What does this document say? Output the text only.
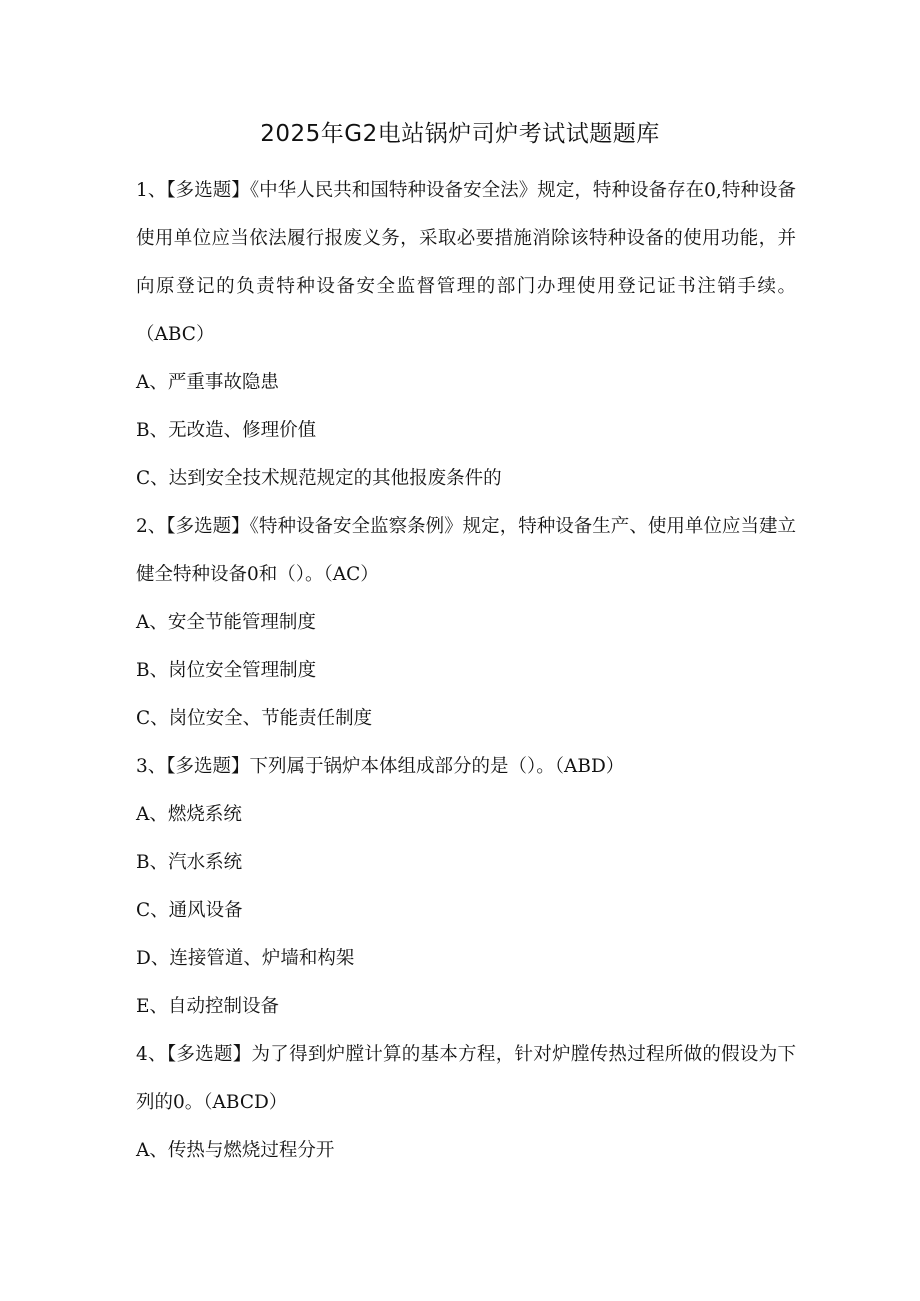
2025年G2电站锅炉司炉考试试题题库

1、【多选题】《中华人民共和国特种设备安全法》规定，特种设备存在0,特种设备使用单位应当依法履行报废义务，采取必要措施消除该特种设备的使用功能，并向原登记的负责特种设备安全监督管理的部门办理使用登记证书注销手续。（ABC）

A、严重事故隐患

B、无改造、修理价值

C、达到安全技术规范规定的其他报废条件的

2、【多选题】《特种设备安全监察条例》规定，特种设备生产、使用单位应当建立健全特种设备0和（）。（AC）

A、安全节能管理制度

B、岗位安全管理制度

C、岗位安全、节能责任制度

3、【多选题】下列属于锅炉本体组成部分的是（）。（ABD）

A、燃烧系统

B、汽水系统

C、通风设备

D、连接管道、炉墙和构架

E、自动控制设备

4、【多选题】为了得到炉膛计算的基本方程，针对炉膛传热过程所做的假设为下列的0。（ABCD）

A、传热与燃烧过程分开
